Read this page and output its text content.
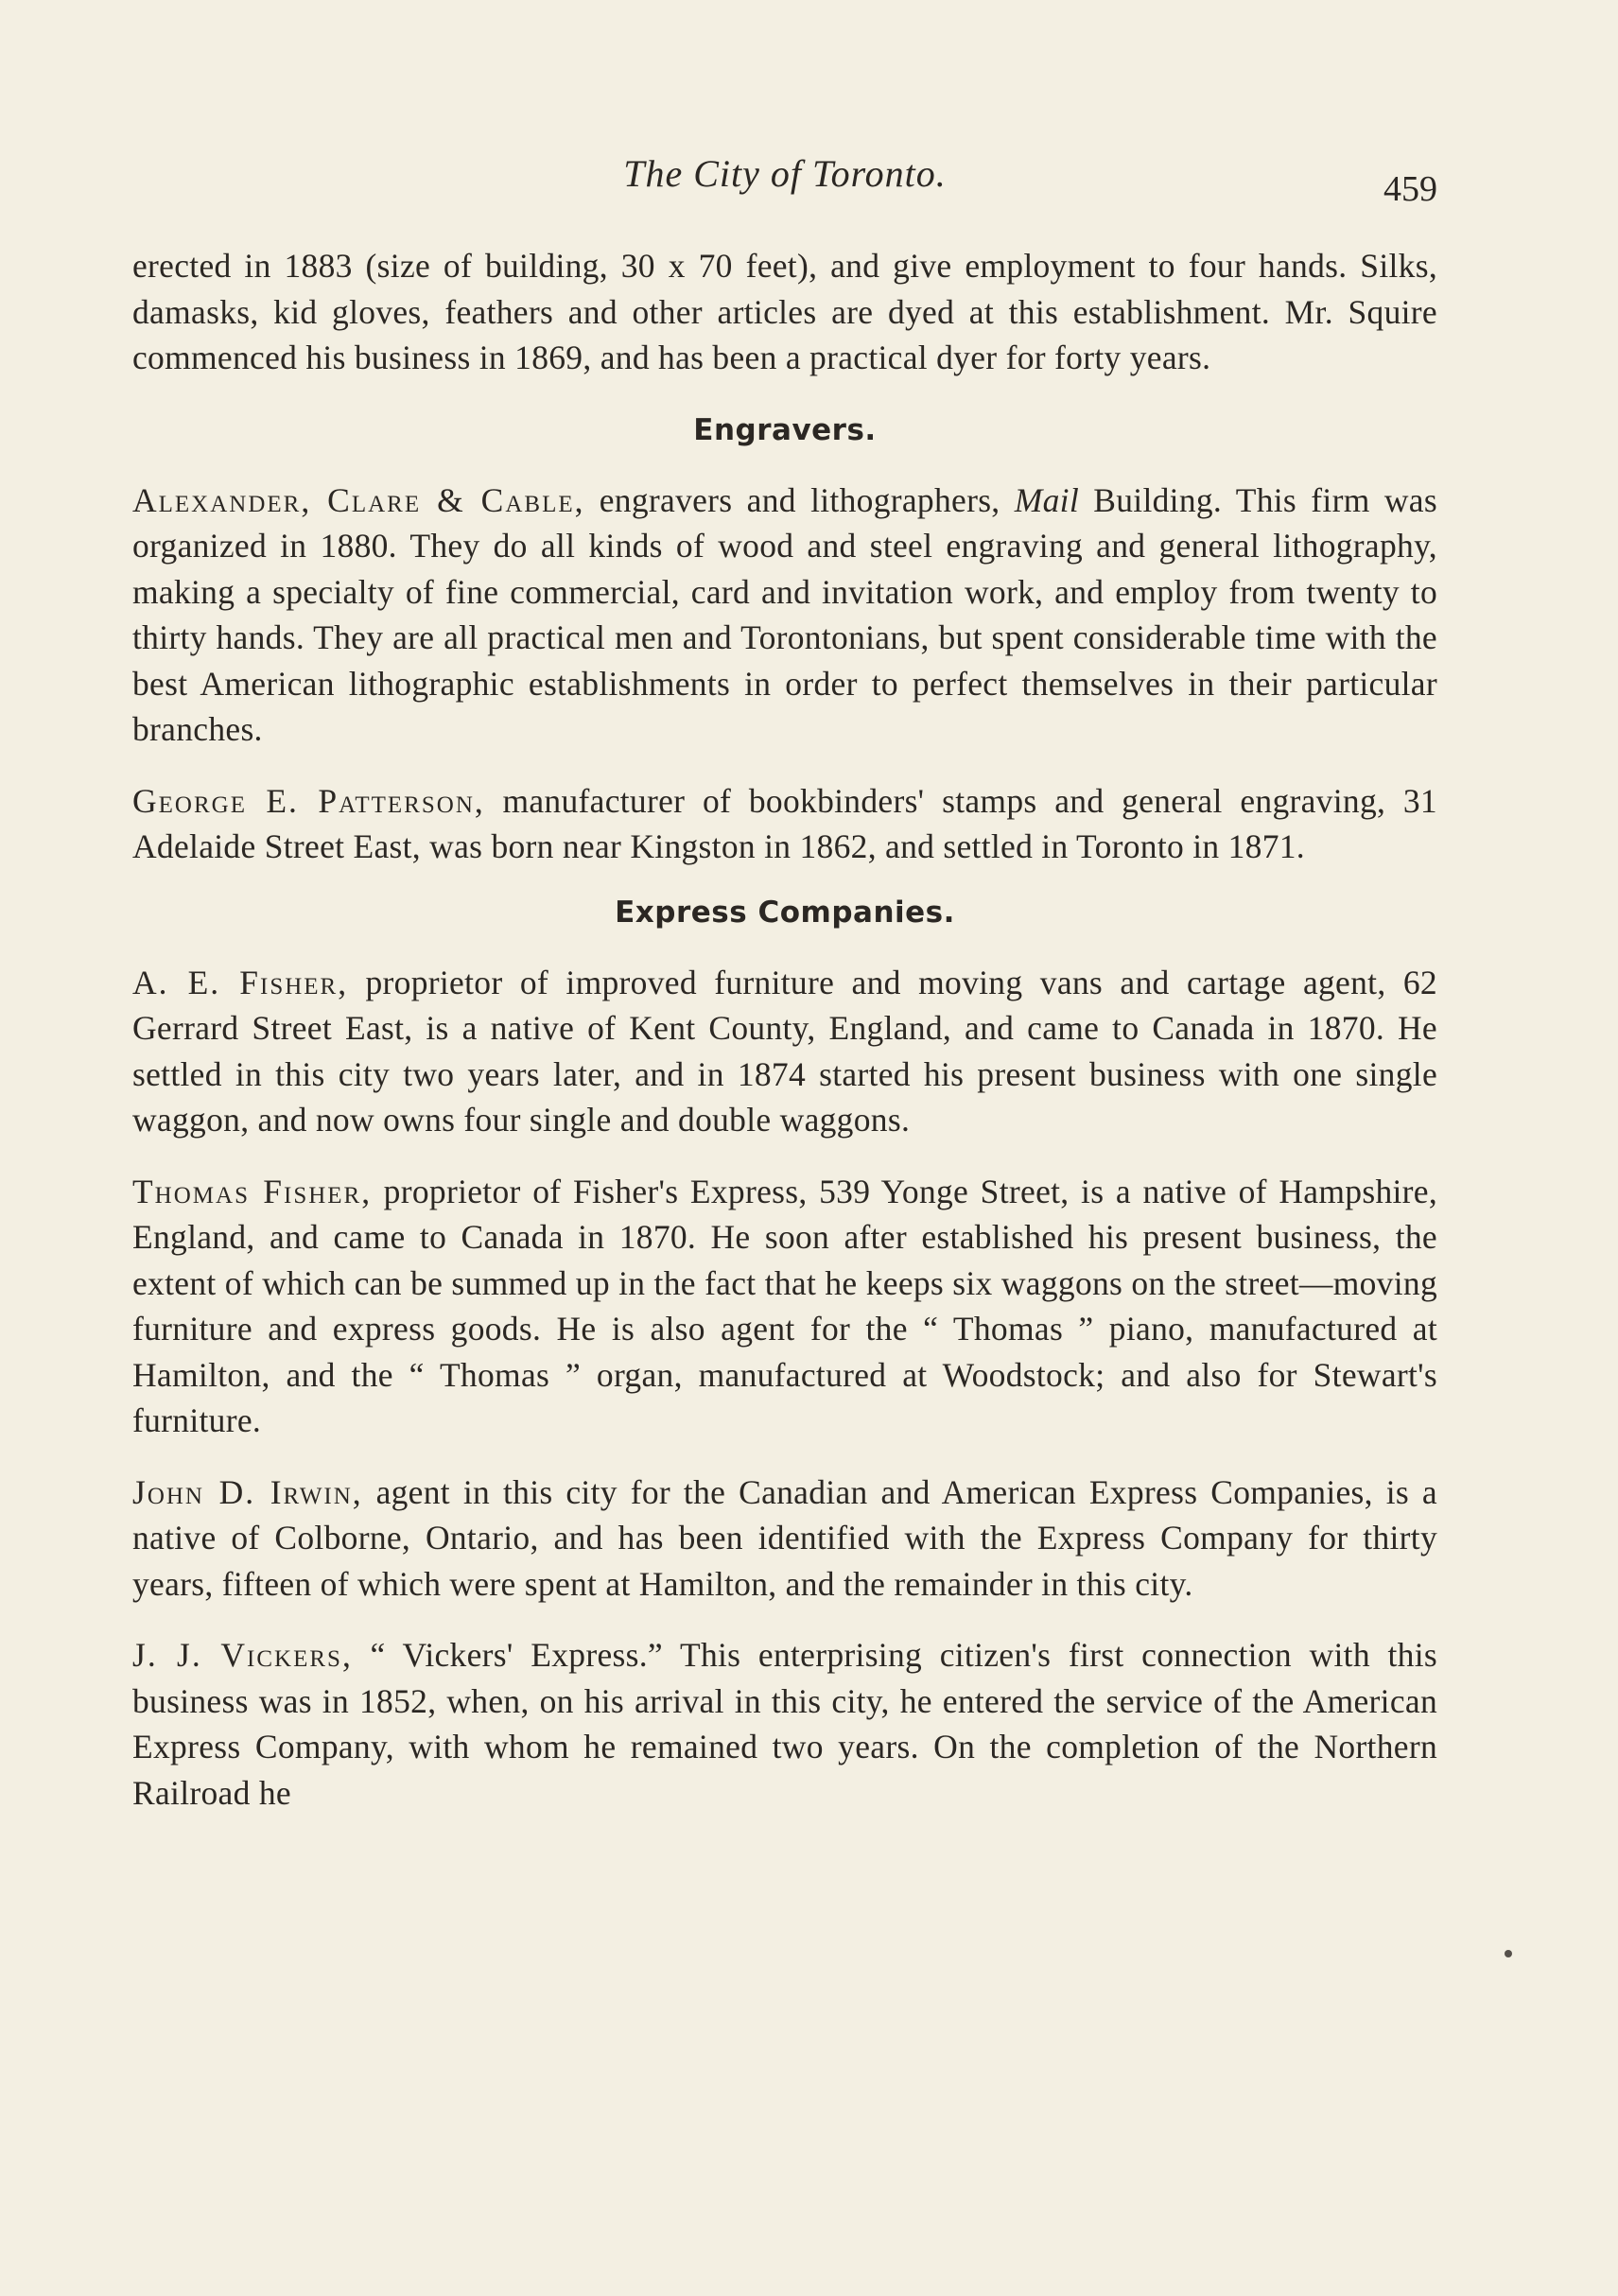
The City of Toronto.	459

erected in 1883 (size of building, 30 x 70 feet), and give employment to four hands. Silks, damasks, kid gloves, feathers and other articles are dyed at this establishment. Mr. Squire commenced his business in 1869, and has been a practical dyer for forty years.

Engravers.

Alexander, Clare & Cable, engravers and lithographers, Mail Building. This firm was organized in 1880. They do all kinds of wood and steel engraving and general lithography, making a specialty of fine commercial, card and invitation work, and employ from twenty to thirty hands. They are all practical men and Torontonians, but spent considerable time with the best American lithographic establishments in order to perfect themselves in their particular branches.

George E. Patterson, manufacturer of bookbinders' stamps and general engraving, 31 Adelaide Street East, was born near Kingston in 1862, and settled in Toronto in 1871.

Express Companies.

A. E. Fisher, proprietor of improved furniture and moving vans and cartage agent, 62 Gerrard Street East, is a native of Kent County, England, and came to Canada in 1870. He settled in this city two years later, and in 1874 started his present business with one single waggon, and now owns four single and double waggons.

Thomas Fisher, proprietor of Fisher's Express, 539 Yonge Street, is a native of Hampshire, England, and came to Canada in 1870. He soon after established his present business, the extent of which can be summed up in the fact that he keeps six waggons on the street—moving furniture and express goods. He is also agent for the “ Thomas ” piano, manufactured at Hamilton, and the “ Thomas ” organ, manufactured at Woodstock; and also for Stewart's furniture.

John D. Irwin, agent in this city for the Canadian and American Express Companies, is a native of Colborne, Ontario, and has been identified with the Express Company for thirty years, fifteen of which were spent at Hamilton, and the remainder in this city.

J. J. Vickers, “ Vickers' Express.” This enterprising citizen's first connection with this business was in 1852, when, on his arrival in this city, he entered the service of the American Express Company, with whom he remained two years. On the completion of the Northern Railroad he
